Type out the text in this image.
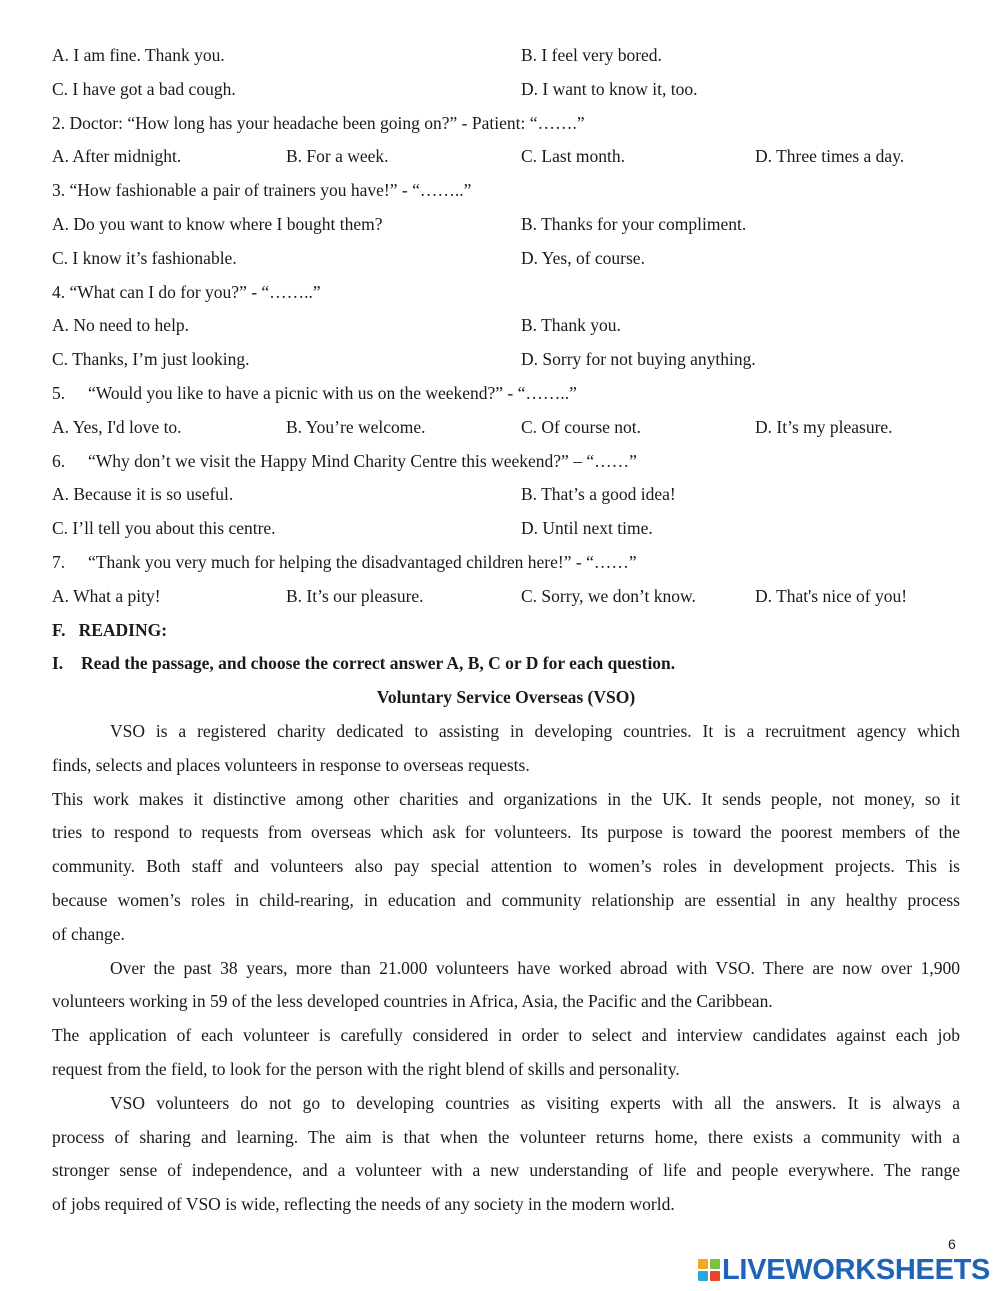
A. I am fine. Thank you.	B. I feel very bored.
C. I have got a bad cough.	D. I want to know it, too.
2. Doctor: “How long has your headache been going on?” - Patient: “…….”
A. After midnight.	B. For a week.	C. Last month.	D. Three times a day.
3. “How fashionable a pair of trainers you have!” - “……..”
A. Do you want to know where I bought them?	B. Thanks for your compliment.
C. I know it’s fashionable.	D. Yes, of course.
4. “What can I do for you?” - “……..”
A. No need to help.	B. Thank you.
C. Thanks, I’m just looking.	D. Sorry for not buying anything.
5. “Would you like to have a picnic with us on the weekend?” - “……..”
A. Yes, I'd love to.	B. You’re welcome.	C. Of course not.	D. It’s my pleasure.
6. “Why don’t we visit the Happy Mind Charity Centre this weekend?” – “……”
A. Because it is so useful.	B. That’s a good idea!
C. I’ll tell you about this centre.	D. Until next time.
7. “Thank you very much for helping the disadvantaged children here!” - “……”
A. What a pity!	B. It’s our pleasure.	C. Sorry, we don’t know.	D. That's nice of you!
F.   READING:
I. Read the passage, and choose the correct answer A, B, C or D for each question.
Voluntary Service Overseas (VSO)
VSO is a registered charity dedicated to assisting in developing countries. It is a recruitment agency which
finds, selects and places volunteers in response to overseas requests.
This work makes it distinctive among other charities and organizations in the UK. It sends people, not money, so it
tries to respond to requests from overseas which ask for volunteers. Its purpose is toward the poorest members of the
community. Both staff and volunteers also pay special attention to women’s roles in development projects. This is
because women’s roles in child-rearing, in education and community relationship are essential in any healthy process
of change.
Over the past 38 years, more than 21.000 volunteers have worked abroad with VSO. There are now over 1,900
volunteers working in 59 of the less developed countries in Africa, Asia, the Pacific and the Caribbean.
The application of each volunteer is carefully considered in order to select and interview candidates against each job
request from the field, to look for the person with the right blend of skills and personality.
VSO volunteers do not go to developing countries as visiting experts with all the answers. It is always a
process of sharing and learning. The aim is that when the volunteer returns home, there exists a community with a
stronger sense of independence, and a volunteer with a new understanding of life and people everywhere. The range
of jobs required of VSO is wide, reflecting the needs of any society in the modern world.
6
LIVEWORKSHEETS
